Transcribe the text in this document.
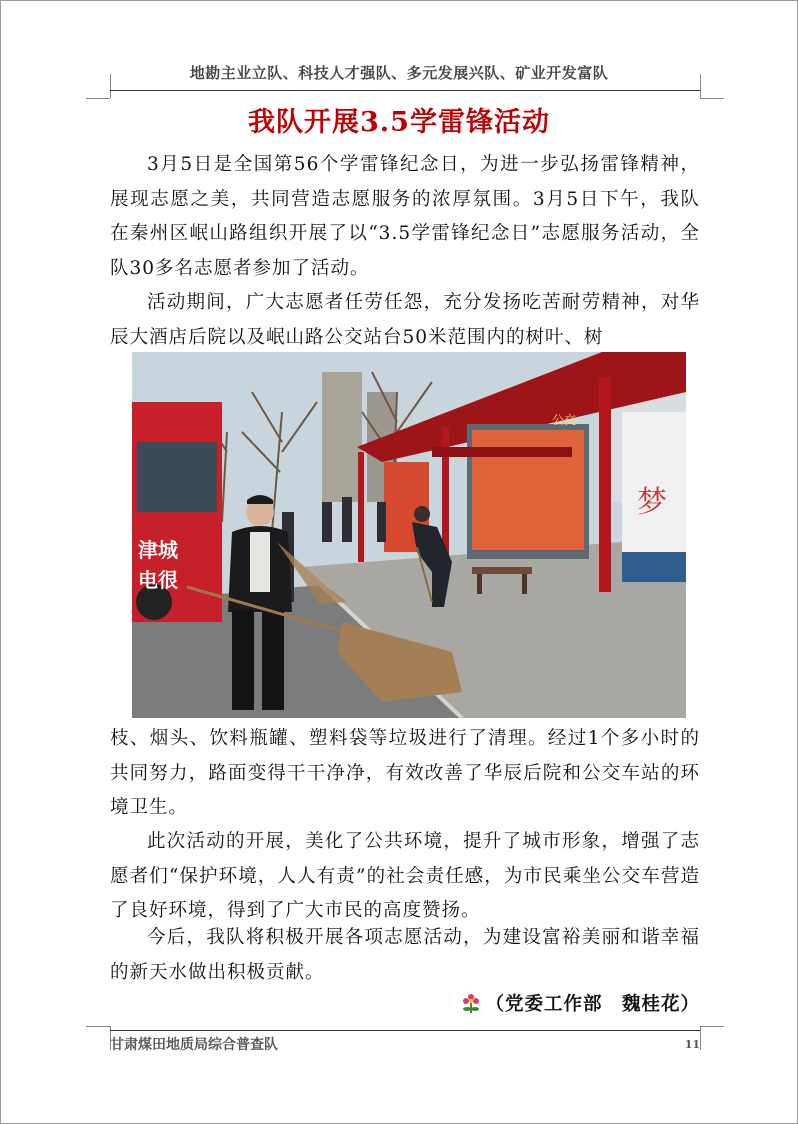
地勘主业立队、科技人才强队、多元发展兴队、矿业开发富队
我队开展3.5学雷锋活动

3月5日是全国第56个学雷锋纪念日，为进一步弘扬雷锋精神，展现志愿之美，共同营造志愿服务的浓厚氛围。3月5日下午，我队在秦州区岷山路组织开展了以“3.5学雷锋纪念日”志愿服务活动，全队30多名志愿者参加了活动。

活动期间，广大志愿者任劳任怨，充分发扬吃苦耐劳精神，对华辰大酒店后院以及岷山路公交站台50米范围内的树叶、树

津城
电很
公交
梦

枝、烟头、饮料瓶罐、塑料袋等垃圾进行了清理。经过1个多小时的共同努力，路面变得干干净净，有效改善了华辰后院和公交车站的环境卫生。

此次活动的开展，美化了公共环境，提升了城市形象，增强了志愿者们“保护环境，人人有责”的社会责任感，为市民乘坐公交车营造了良好环境，得到了广大市民的高度赞扬。

今后，我队将积极开展各项志愿活动，为建设富裕美丽和谐幸福的新天水做出积极贡献。

（党委工作部　魏桂花）
甘肃煤田地质局综合普查队	11
